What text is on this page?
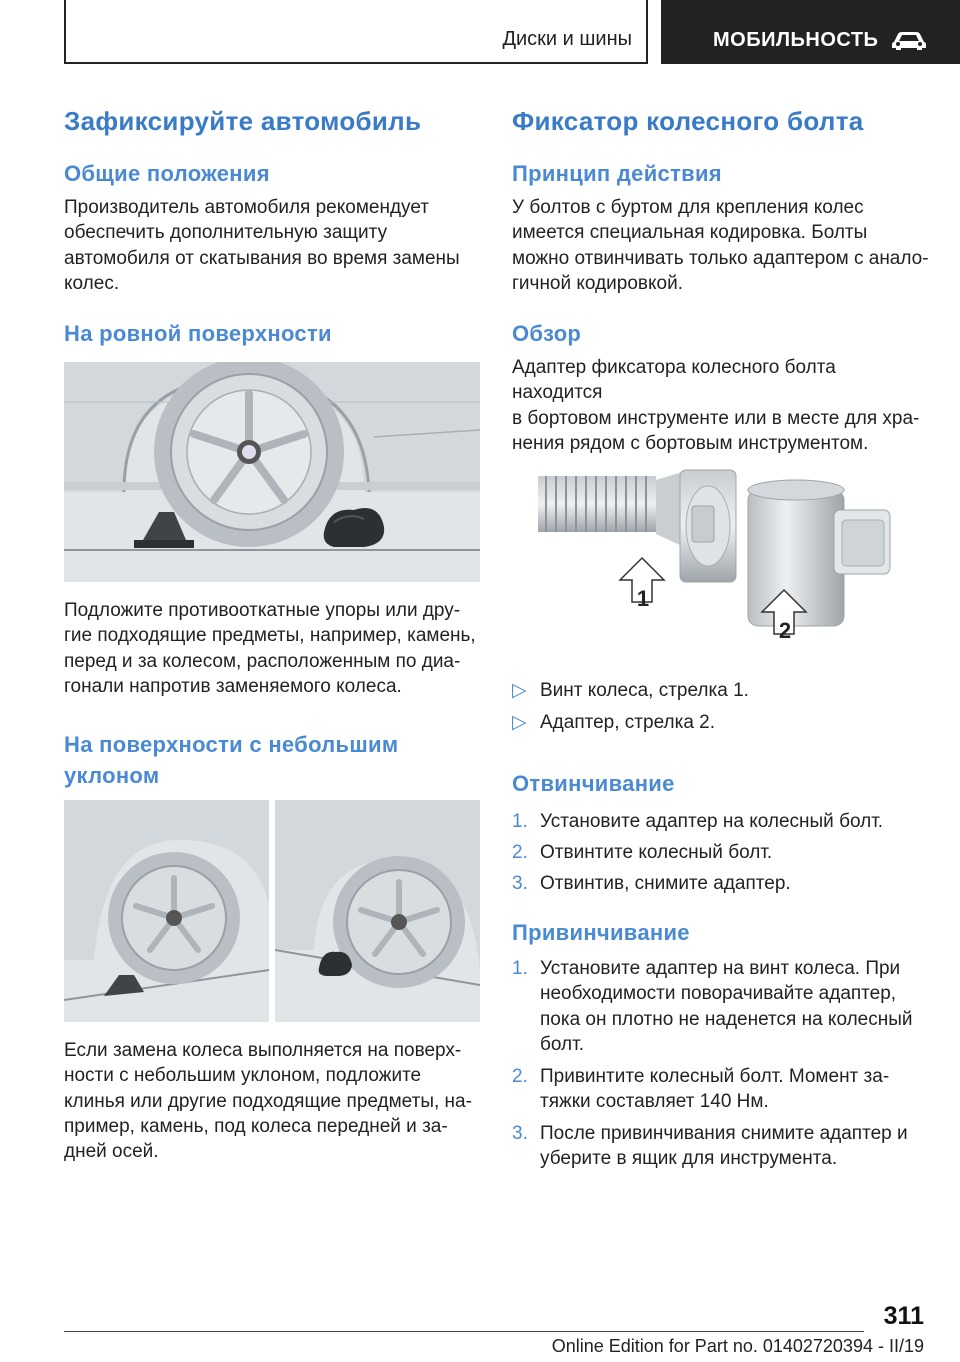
Диски и шины	МОБИЛЬНОСТЬ
Зафиксируйте автомобиль
Общие положения

Производитель автомобиля рекомендует
обеспечить дополнительную защиту
автомобиля от скатывания во время замены
колес.

На ровной поверхности

Подложите противооткатные упоры или дру-
гие подходящие предметы, например, камень,
перед и за колесом, расположенным по диа-
гонали напротив заменяемого колеса.

На поверхности с небольшим
уклоном

Если замена колеса выполняется на поверх-
ности с небольшим уклоном, подложите
клинья или другие подходящие предметы, на-
пример, камень, под колеса передней и за-
дней осей.

Фиксатор колесного болта
Принцип действия

У болтов с буртом для крепления колес
имеется специальная кодировка. Болты
можно отвинчивать только адаптером с анало-
гичной кодировкой.

Обзор

Адаптер фиксатора колесного болта находится
в бортовом инструменте или в месте для хра-
нения рядом с бортовым инструментом.

1
2
▷ Винт колеса, стрелка 1.
▷ Адаптер, стрелка 2.
Отвинчивание
1. Установите адаптер на колесный болт.
2. Отвинтите колесный болт.
3. Отвинтив, снимите адаптер.
Привинчивание
1. Установите адаптер на винт колеса. При
необходимости поворачивайте адаптер,
пока он плотно не наденется на колесный
болт.
2. Привинтите колесный болт. Момент за-
тяжки составляет 140 Нм.
3. После привинчивания снимите адаптер и
уберите в ящик для инструмента.
311
Online Edition for Part no. 01402720394 - II/19
